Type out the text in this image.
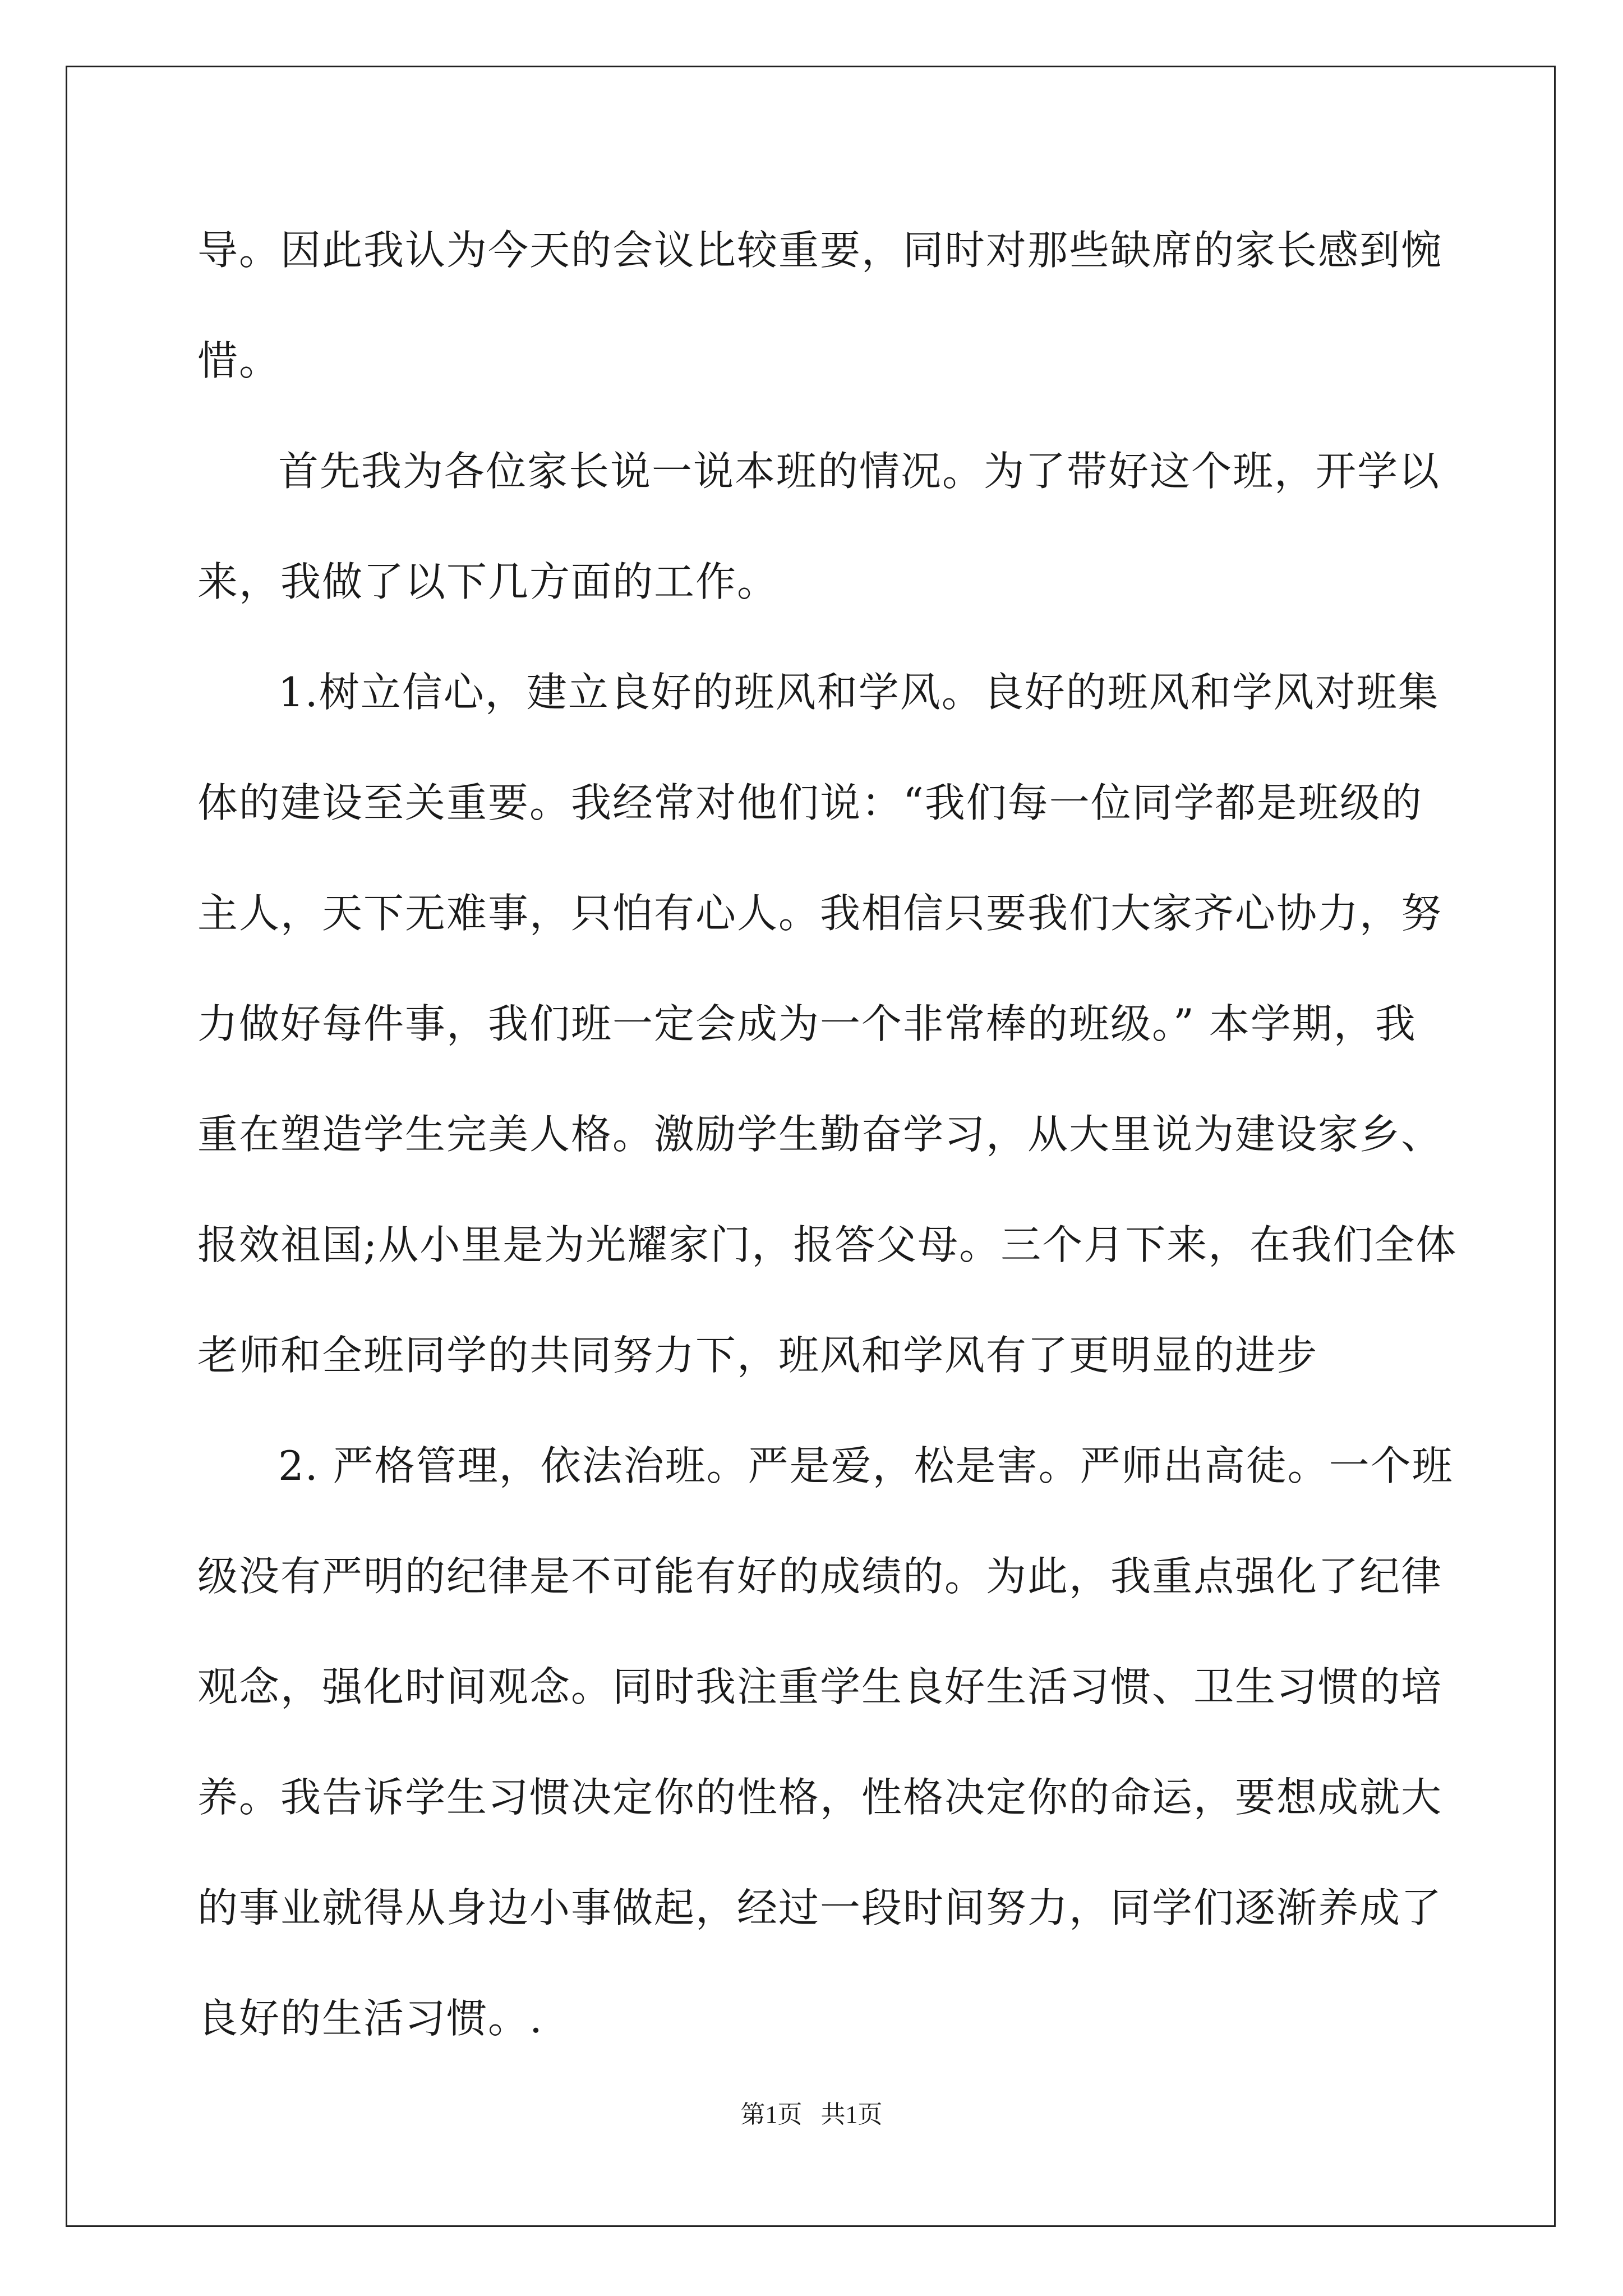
导。因此我认为今天的会议比较重要，同时对那些缺席的家长感到惋
惜。
首先我为各位家长说一说本班的情况。为了带好这个班，开学以
来，我做了以下几方面的工作。
1.树立信心，建立良好的班风和学风。良好的班风和学风对班集
体的建设至关重要。我经常对他们说：“我们每一位同学都是班级的
主人，天下无难事，只怕有心人。我相信只要我们大家齐心协力，努
力做好每件事，我们班一定会成为一个非常棒的班级。” 本学期，我
重在塑造学生完美人格。激励学生勤奋学习，从大里说为建设家乡、
报效祖国;从小里是为光耀家门，报答父母。三个月下来，在我们全体
老师和全班同学的共同努力下，班风和学风有了更明显的进步
2. 严格管理，依法治班。严是爱，松是害。严师出高徒。一个班
级没有严明的纪律是不可能有好的成绩的。为此，我重点强化了纪律
观念，强化时间观念。同时我注重学生良好生活习惯、卫生习惯的培
养。我告诉学生习惯决定你的性格，性格决定你的命运，要想成就大
的事业就得从身边小事做起，经过一段时间努力，同学们逐渐养成了
良好的生活习惯。.
第1页   共1页
